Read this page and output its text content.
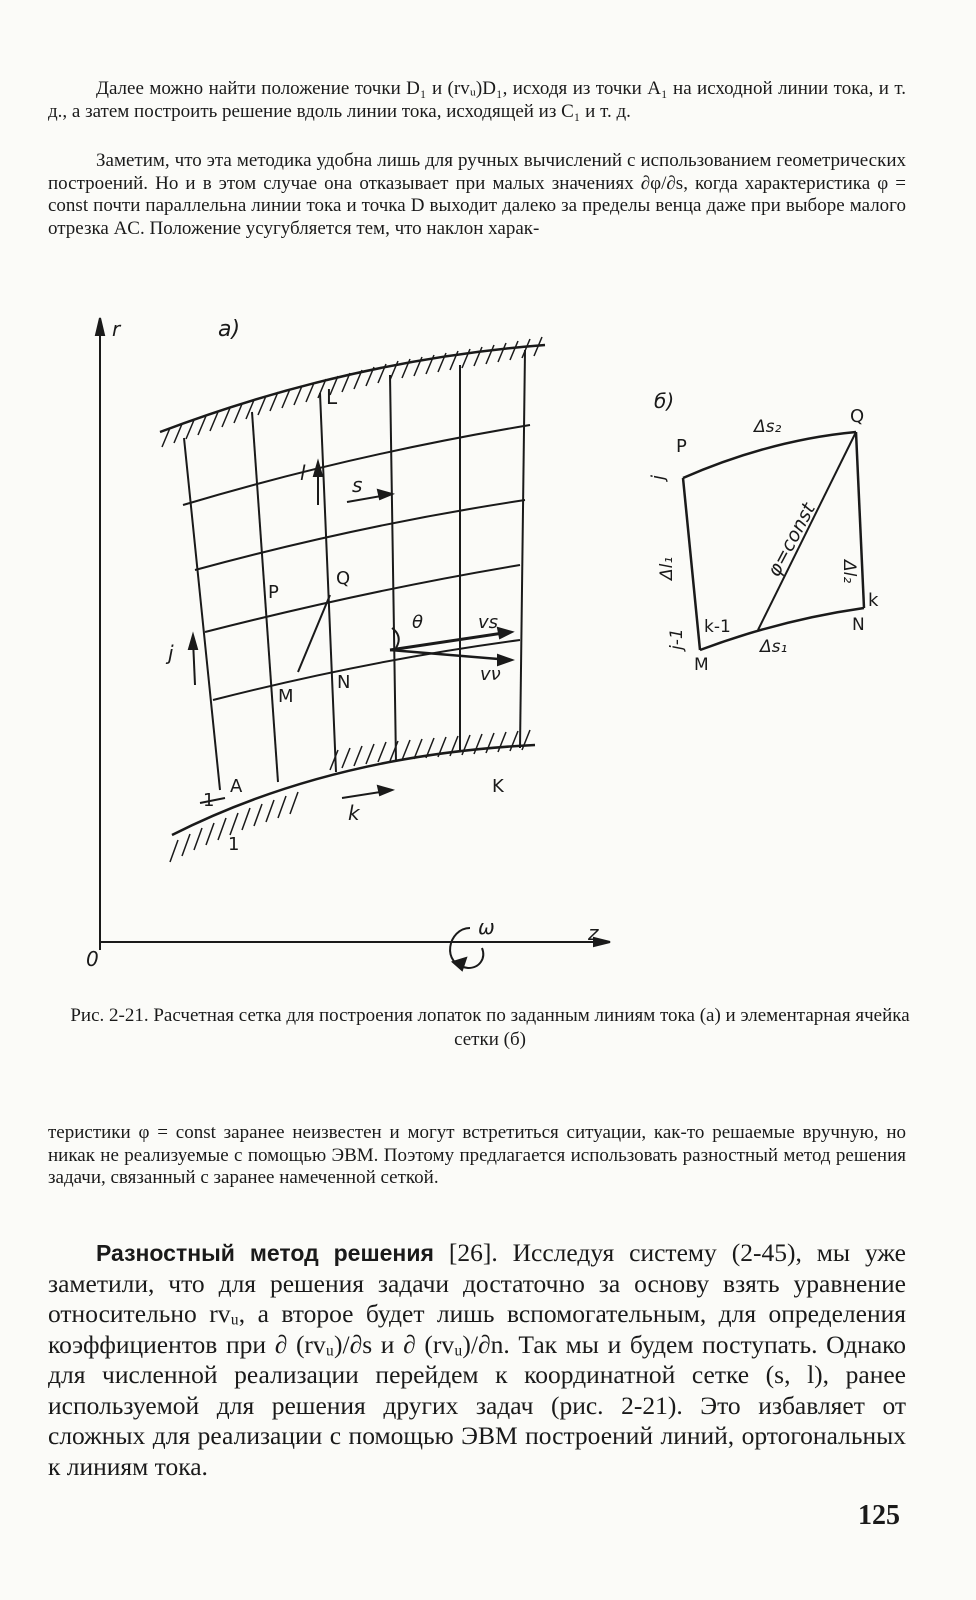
Далее можно найти положение точки D₁ и (rvᵤ)D₁, исходя из точки A₁ на исходной линии тока, и т. д., а затем построить решение вдоль линии тока, исходящей из C₁ и т. д.

Заметим, что эта методика удобна лишь для ручных вычислений с использованием геометрических построений. Но и в этом случае она отказывает при малых значениях ∂φ/∂s, когда характеристика φ = const почти параллельна линии тока и точка D выходит далеко за пределы венца даже при выборе малого отрезка AC. Положение усугубляется тем, что наклон харак-

r	а)
L
P
Q
M
N
A	K
l s
j
k
θ	vs
vν
1
1
0
ω	z
б)
P
Q
M
N
Δs₂
Δs₁
Δl₁	Δl₂
φ=const
j
j-1
k
k-1

Рис. 2-21. Расчетная сетка для построения лопаток по заданным линиям тока (а) и элементарная ячейка сетки (б)

теристики φ = const заранее неизвестен и могут встретиться ситуации, как-то решаемые вручную, но никак не реализуемые с помощью ЭВМ. Поэтому предлагается использовать разностный метод решения задачи, связанный с заранее намеченной сеткой.

Разностный метод решения [26]. Исследуя систему (2-45), мы уже заметили, что для решения задачи достаточно за основу взять уравнение относительно rvᵤ, а второе будет лишь вспомогательным, для определения коэффициентов при ∂ (rvᵤ)/∂s и ∂ (rvᵤ)/∂n. Так мы и будем поступать. Однако для численной реализации перейдем к координатной сетке (s, l), ранее используемой для решения других задач (рис. 2-21). Это избавляет от сложных для реализации с помощью ЭВМ построений линий, ортогональных к линиям тока.

125
